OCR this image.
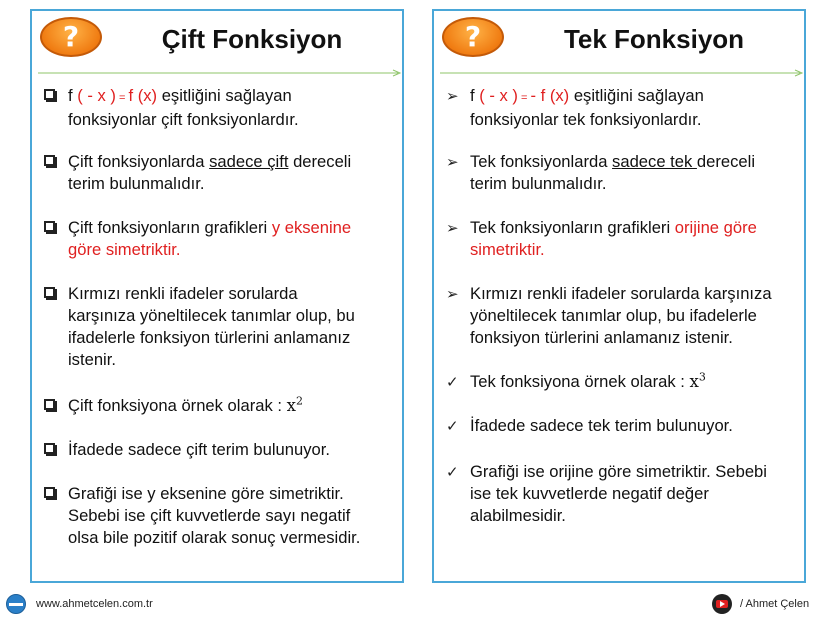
?	Çift Fonksiyon
f ( - x ) = f (x) eşitliğini sağlayan
fonksiyonlar çift fonksiyonlardır.
Çift fonksiyonlarda sadece çift dereceli
terim bulunmalıdır.
Çift fonksiyonların grafikleri y eksenine
göre simetriktir.
Kırmızı renkli ifadeler sorularda
karşınıza yöneltilecek tanımlar olup, bu
ifadelerle fonksiyon türlerini anlamanız
istenir.
Çift fonksiyona örnek olarak : $x^2$
İfadede sadece çift terim bulunuyor.
Grafiği ise y eksenine göre simetriktir.
Sebebi ise çift kuvvetlerde sayı negatif
olsa bile pozitif olarak sonuç vermesidir.
?	Tek Fonksiyon
➢ f ( - x ) = - f (x) eşitliğini sağlayan
fonksiyonlar tek fonksiyonlardır.
➢ Tek fonksiyonlarda sadece tek dereceli
terim bulunmalıdır.
➢ Tek fonksiyonların grafikleri orijine göre
simetriktir.
➢ Kırmızı renkli ifadeler sorularda karşınıza
yöneltilecek tanımlar olup, bu ifadelerle
fonksiyon türlerini anlamanız istenir.
✓ Tek fonksiyona örnek olarak : $x^3$
✓ İfadede sadece tek terim bulunuyor.
✓ Grafiği ise orijine göre simetriktir. Sebebi
ise tek kuvvetlerde negatif değer
alabilmesidir.
www.ahmetcelen.com.tr	/ Ahmet Çelen
